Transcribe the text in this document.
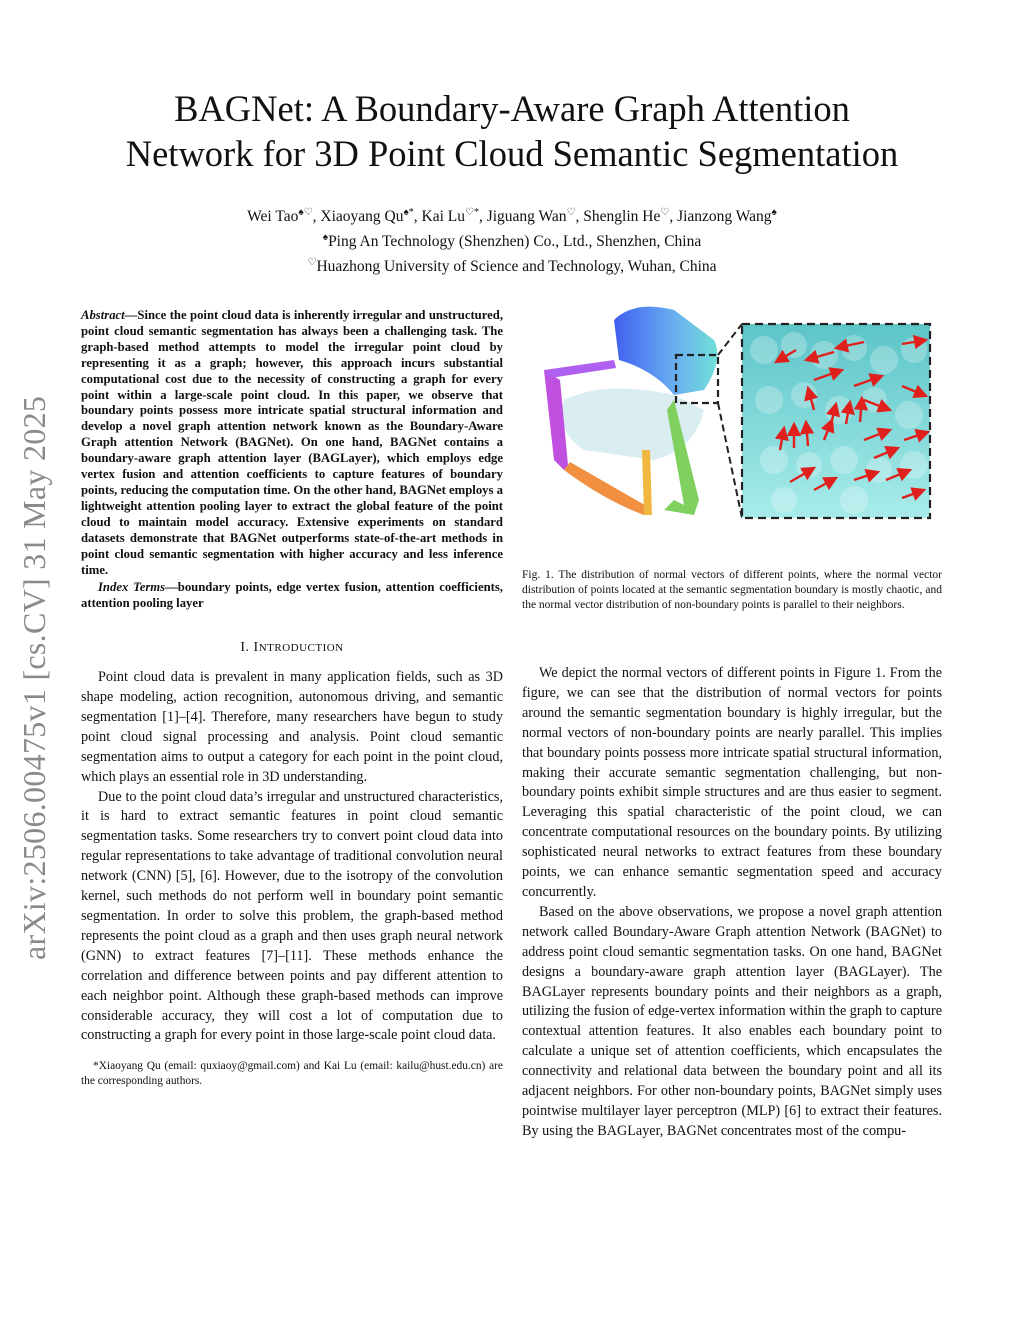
BAGNet: A Boundary-Aware Graph Attention
Network for 3D Point Cloud Semantic Segmentation
Wei Tao♠♡, Xiaoyang Qu♠*, Kai Lu♡*, Jiguang Wan♡, Shenglin He♡, Jianzong Wang♠
♠Ping An Technology (Shenzhen) Co., Ltd., Shenzhen, China
♡Huazhong University of Science and Technology, Wuhan, China
arXiv:2506.00475v1 [cs.CV] 31 May 2025
Abstract—Since the point cloud data is inherently irregular and unstructured, point cloud semantic segmentation has always been a challenging task. The graph-based method attempts to model the irregular point cloud by representing it as a graph; however, this approach incurs substantial computational cost due to the necessity of constructing a graph for every point within a large-scale point cloud. In this paper, we observe that boundary points possess more intricate spatial structural information and develop a novel graph attention network known as the Boundary-Aware Graph attention Network (BAGNet). On one hand, BAGNet contains a boundary-aware graph attention layer (BAGLayer), which employs edge vertex fusion and attention coefficients to capture features of boundary points, reducing the computation time. On the other hand, BAGNet employs a lightweight attention pooling layer to extract the global feature of the point cloud to maintain model accuracy. Extensive experiments on standard datasets demonstrate that BAGNet outperforms state-of-the-art methods in point cloud semantic segmentation with higher accuracy and less inference time.
Index Terms—boundary points, edge vertex fusion, attention coefficients, attention pooling layer
I. INTRODUCTION

Point cloud data is prevalent in many application fields, such as 3D shape modeling, action recognition, autonomous driving, and semantic segmentation [1]–[4]. Therefore, many researchers have begun to study point cloud signal processing and analysis. Point cloud semantic segmentation aims to output a category for each point in the point cloud, which plays an essential role in 3D understanding.

Due to the point cloud data’s irregular and unstructured characteristics, it is hard to extract semantic features in point cloud semantic segmentation tasks. Some researchers try to convert point cloud data into regular representations to take advantage of traditional convolution neural network (CNN) [5], [6]. However, due to the isotropy of the convolution kernel, such methods do not perform well in boundary point semantic segmentation. In order to solve this problem, the graph-based method represents the point cloud as a graph and then uses graph neural network (GNN) to extract features [7]–[11]. These methods enhance the correlation and difference between points and pay different attention to each neighbor point. Although these graph-based methods can improve considerable accuracy, they will cost a lot of computation due to constructing a graph for every point in those large-scale point cloud data.

*Xiaoyang Qu (email: quxiaoy@gmail.com) and Kai Lu (email: kailu@hust.edu.cn) are the corresponding authors.
Fig. 1. The distribution of normal vectors of different points, where the normal vector distribution of points located at the semantic segmentation boundary is mostly chaotic, and the normal vector distribution of non-boundary points is parallel to their neighbors.

We depict the normal vectors of different points in Figure 1. From the figure, we can see that the distribution of normal vectors for points around the semantic segmentation boundary is highly irregular, but the normal vectors of non-boundary points are nearly parallel. This implies that boundary points possess more intricate spatial structural information, making their accurate semantic segmentation challenging, but non-boundary points exhibit simple structures and are thus easier to segment. Leveraging this spatial characteristic of the point cloud, we can concentrate computational resources on the boundary points. By utilizing sophisticated neural networks to extract features from these boundary points, we can enhance semantic segmentation speed and accuracy concurrently.

Based on the above observations, we propose a novel graph attention network called Boundary-Aware Graph attention Network (BAGNet) to address point cloud semantic segmentation tasks. On one hand, BAGNet designs a boundary-aware graph attention layer (BAGLayer). The BAGLayer represents boundary points and their neighbors as a graph, utilizing the fusion of edge-vertex information within the graph to capture contextual attention features. It also enables each boundary point to calculate a unique set of attention coefficients, which encapsulates the connectivity and relational data between the boundary point and all its adjacent neighbors. For other non-boundary points, BAGNet simply uses pointwise multilayer layer perceptron (MLP) [6] to extract their features. By using the BAGLayer, BAGNet concentrates most of the compu-
